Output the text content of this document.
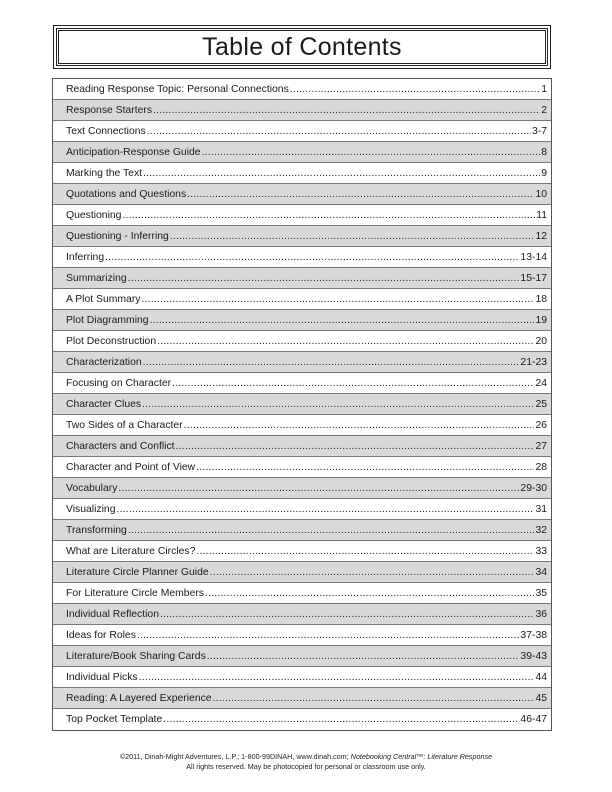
Table of Contents
Reading Response Topic: Personal Connections .....	1
Response Starters .....	2
Text Connections .....	3-7
Anticipation-Response Guide .....	8
Marking the Text .....	9
Quotations and Questions .....	10
Questioning .....	11
Questioning - Inferring .....	12
Inferring .....	13-14
Summarizing .....	15-17
A Plot Summary .....	18
Plot Diagramming .....	19
Plot Deconstruction .....	20
Characterization .....	21-23
Focusing on Character .....	24
Character Clues .....	25
Two Sides of a Character .....	26
Characters and Conflict .....	27
Character and Point of View .....	28
Vocabulary .....	29-30
Visualizing .....	31
Transforming .....	32
What are Literature Circles? .....	33
Literature Circle Planner Guide .....	34
For Literature Circle Members .....	35
Individual Reflection .....	36
Ideas for Roles .....	37-38
Literature/Book Sharing Cards .....	39-43
Individual Picks .....	44
Reading: A Layered Experience .....	45
Top Pocket Template .....	46-47
©2011, Dinah-Might Adventures, L.P.; 1-800-99DINAH, www.dinah.com; Notebooking Central™: Literature Response
All rights reserved. May be photocopied for personal or classroom use only.
